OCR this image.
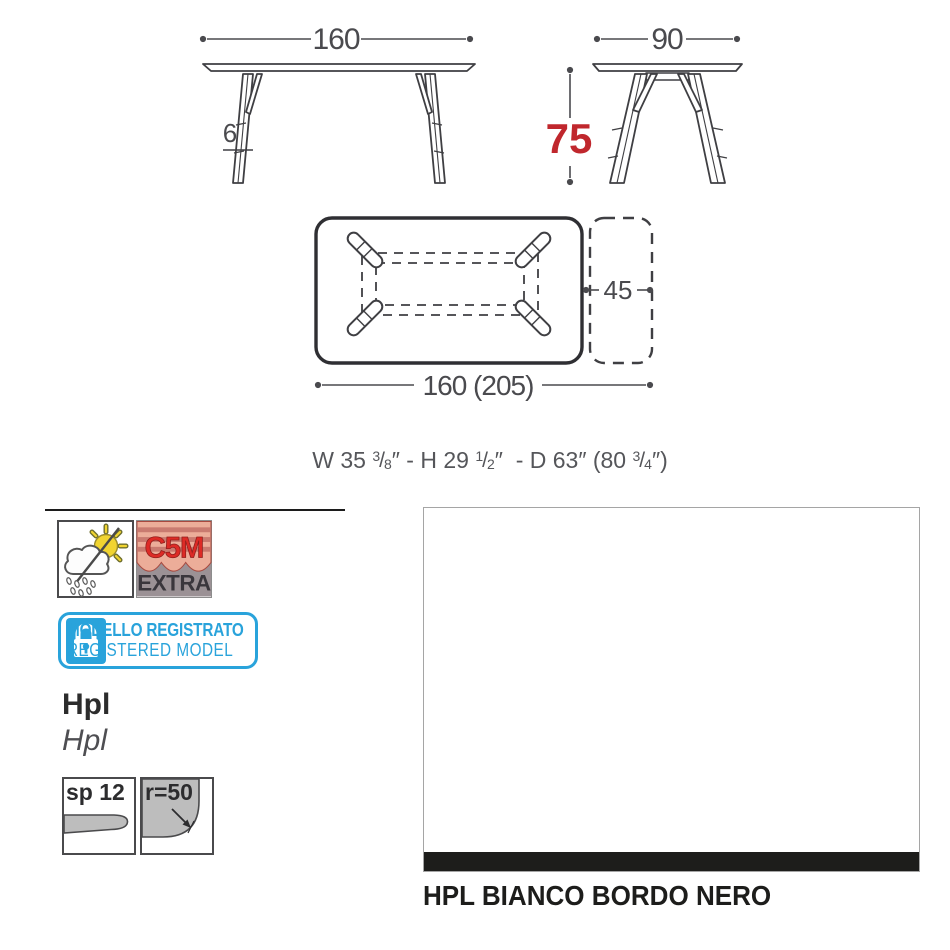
160
6
90
75
45
160 (205)
W 35 $^3$/8″ - H 29 $^1$/2″  - D 63″ (80 $^3$/4″)
C5M
EXTRA
MODELLO REGISTRATO
REGISTERED MODEL
Hpl
Hpl
sp 12 r=50
HPL BIANCO BORDO NERO
